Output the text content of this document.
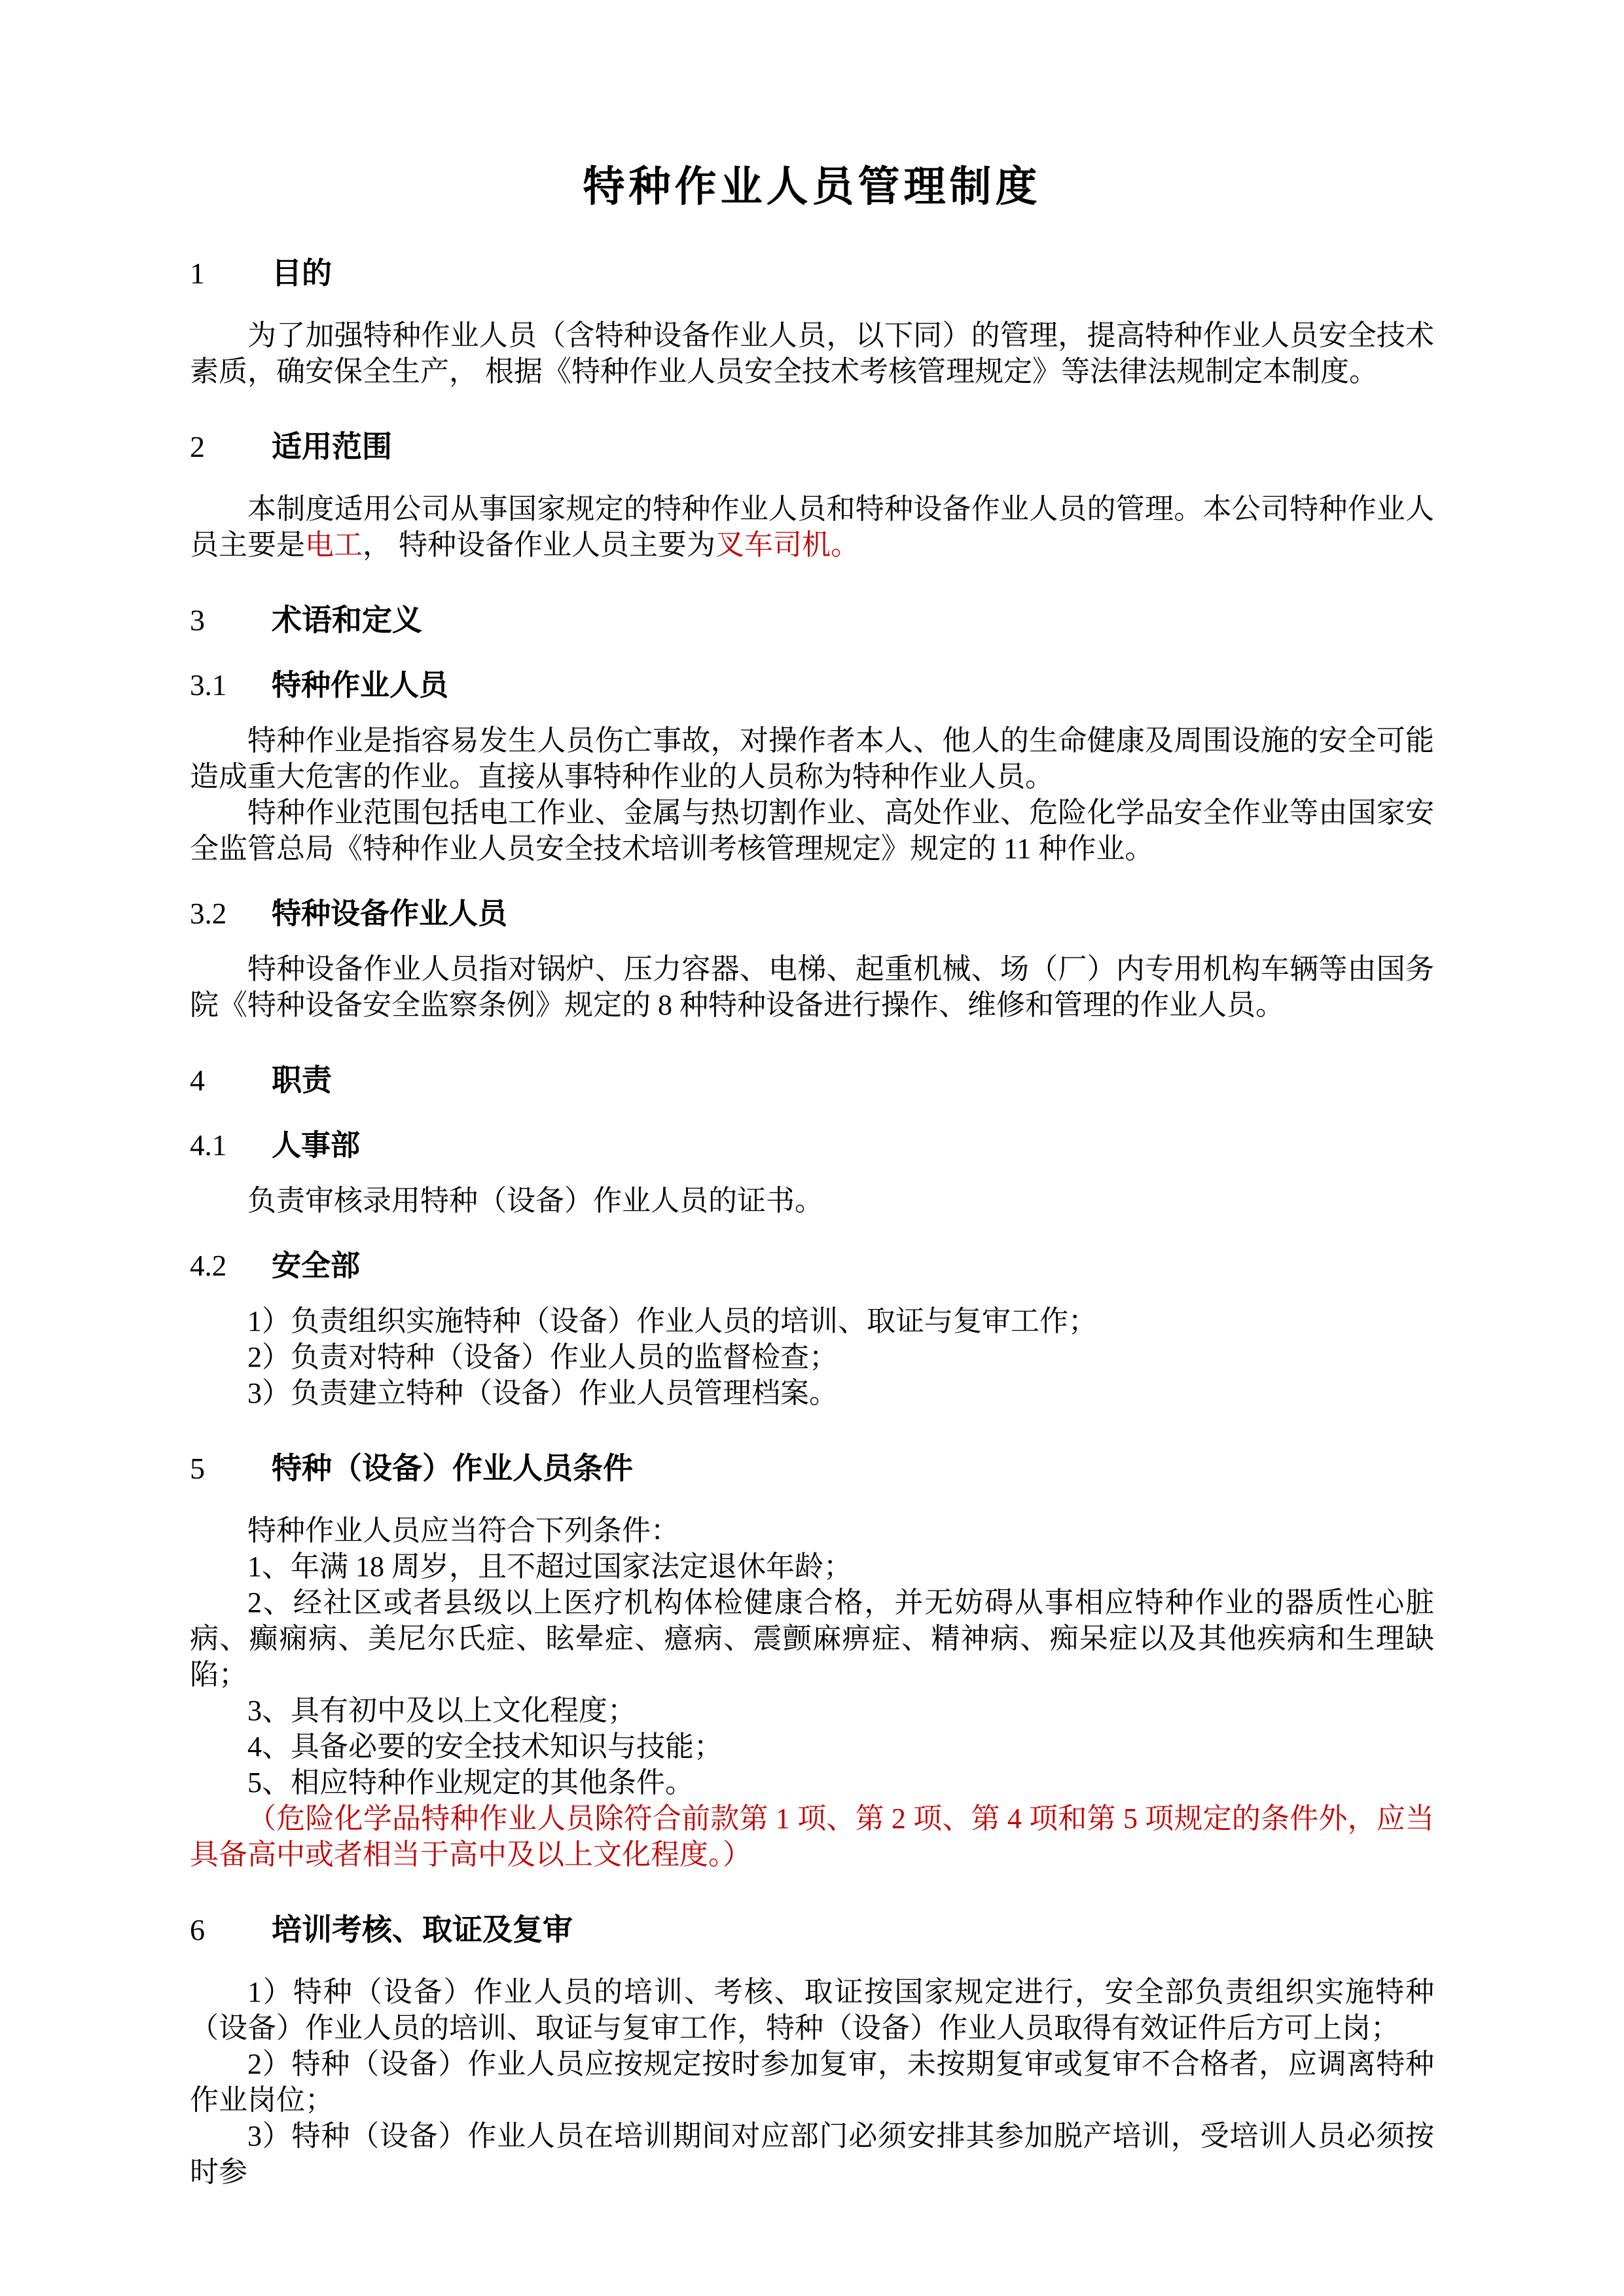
特种作业人员管理制度
1 目的

为了加强特种作业人员（含特种设备作业人员，以下同）的管理，提高特种作业人员安全技术素质，确安保全生产， 根据《特种作业人员安全技术考核管理规定》等法律法规制定本制度。

2 适用范围

本制度适用公司从事国家规定的特种作业人员和特种设备作业人员的管理。本公司特种作业人员主要是电工， 特种设备作业人员主要为叉车司机。

3 术语和定义
3.1 特种作业人员

特种作业是指容易发生人员伤亡事故，对操作者本人、他人的生命健康及周围设施的安全可能造成重大危害的作业。直接从事特种作业的人员称为特种作业人员。

特种作业范围包括电工作业、金属与热切割作业、高处作业、危险化学品安全作业等由国家安全监管总局《特种作业人员安全技术培训考核管理规定》规定的 11 种作业。

3.2 特种设备作业人员

特种设备作业人员指对锅炉、压力容器、电梯、起重机械、场（厂）内专用机构车辆等由国务院《特种设备安全监察条例》规定的 8 种特种设备进行操作、维修和管理的作业人员。

4 职责
4.1 人事部

负责审核录用特种（设备）作业人员的证书。

4.2 安全部

1）负责组织实施特种（设备）作业人员的培训、取证与复审工作；

2）负责对特种（设备）作业人员的监督检查；

3）负责建立特种（设备）作业人员管理档案。

5 特种（设备）作业人员条件

特种作业人员应当符合下列条件：

1、年满 18 周岁，且不超过国家法定退休年龄；

2、经社区或者县级以上医疗机构体检健康合格，并无妨碍从事相应特种作业的器质性心脏病、癫痫病、美尼尔氏症、眩晕症、癔病、震颤麻痹症、精神病、痴呆症以及其他疾病和生理缺陷；

3、具有初中及以上文化程度；

4、具备必要的安全技术知识与技能；

5、相应特种作业规定的其他条件。

（危险化学品特种作业人员除符合前款第 1 项、第 2 项、第 4 项和第 5 项规定的条件外，应当具备高中或者相当于高中及以上文化程度。）

6 培训考核、取证及复审

1）特种（设备）作业人员的培训、考核、取证按国家规定进行，安全部负责组织实施特种（设备）作业人员的培训、取证与复审工作，特种（设备）作业人员取得有效证件后方可上岗；

2）特种（设备）作业人员应按规定按时参加复审，未按期复审或复审不合格者，应调离特种作业岗位；

3）特种（设备）作业人员在培训期间对应部门必须安排其参加脱产培训，受培训人员必须按时参
